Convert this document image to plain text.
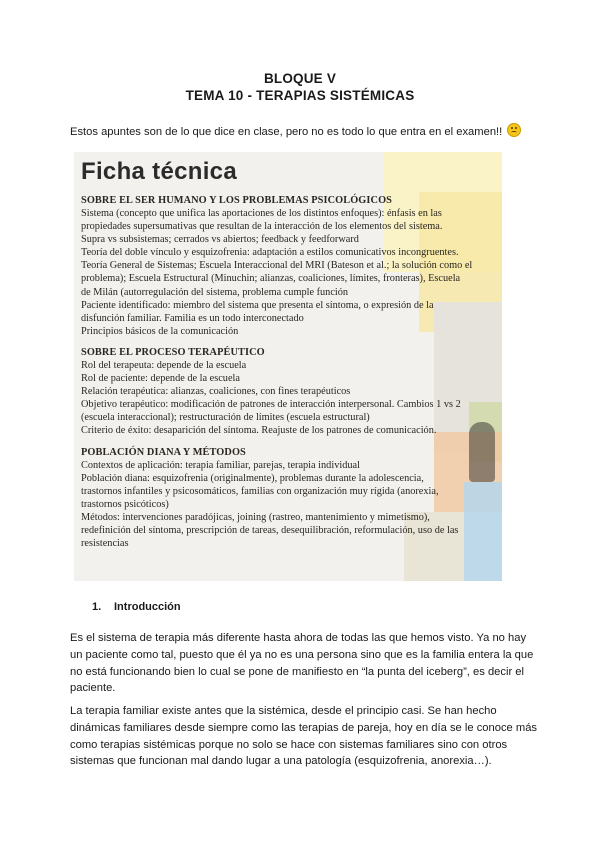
BLOQUE V
TEMA 10 - TERAPIAS SISTÉMICAS
Estos apuntes son de lo que dice en clase, pero no es todo lo que entra en el examen!!
Ficha técnica
SOBRE EL SER HUMANO Y LOS PROBLEMAS PSICOLÓGICOS
Sistema (concepto que unifica las aportaciones de los distintos enfoques): énfasis en las
propiedades supersumativas que resultan de la interacción de los elementos del sistema.
Supra vs subsistemas; cerrados vs abiertos; feedback y feedforward
Teoría del doble vínculo y esquizofrenia: adaptación a estilos comunicativos incongruentes.
Teoría General de Sistemas; Escuela Interaccional del MRI (Bateson et al.; la solución como el
problema); Escuela Estructural (Minuchin; alianzas, coaliciones, límites, fronteras), Escuela
de Milán (autorregulación del sistema, problema cumple función
Paciente identificado: miembro del sistema que presenta el síntoma, o expresión de la
disfunción familiar. Familia es un todo interconectado
Principios básicos de la comunicación
SOBRE EL PROCESO TERAPÉUTICO
Rol del terapeuta: depende de la escuela
Rol de paciente: depende de la escuela
Relación terapéutica: alianzas, coaliciones, con fines terapéuticos
Objetivo terapéutico: modificación de patrones de interacción interpersonal. Cambios 1 vs 2
(escuela interaccional); restructuración de límites (escuela estructural)
Criterio de éxito: desaparición del síntoma. Reajuste de los patrones de comunicación.
POBLACIÓN DIANA Y MÉTODOS
Contextos de aplicación: terapia familiar, parejas, terapia individual
Población diana: esquizofrenia (originalmente), problemas durante la adolescencia,
trastornos infantiles y psicosomáticos, familias con organización muy rígida (anorexia,
trastornos psicóticos)
Métodos: intervenciones paradójicas, joining (rastreo, mantenimiento y mimetismo),
redefinición del síntoma, prescripción de tareas, desequilibración, reformulación, uso de las
resistencias
1. Introducción
Es el sistema de terapia más diferente hasta ahora de todas las que hemos visto. Ya no hay un paciente como tal, puesto que él ya no es una persona sino que es la familia entera la que no está funcionando bien lo cual se pone de manifiesto en “la punta del iceberg”, es decir el paciente.
La terapia familiar existe antes que la sistémica, desde el principio casi. Se han hecho dinámicas familiares desde siempre como las terapias de pareja, hoy en día se le conoce más como terapias sistémicas porque no solo se hace con sistemas familiares sino con otros sistemas que funcionan mal dando lugar a una patología (esquizofrenia, anorexia…).
